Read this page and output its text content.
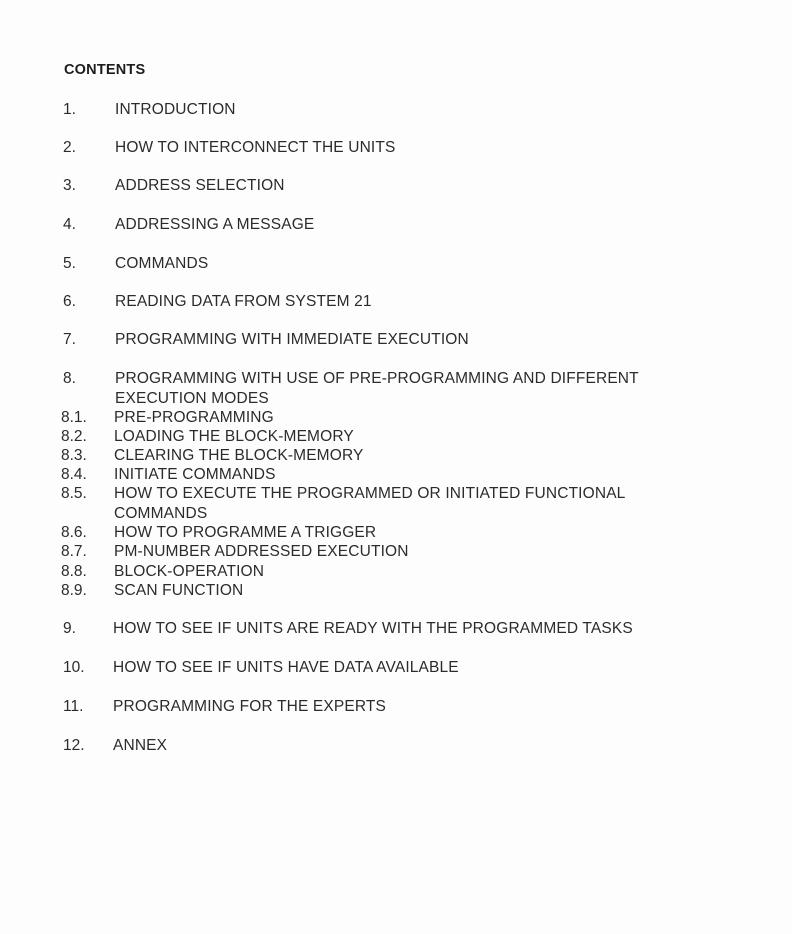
CONTENTS
1.	INTRODUCTION
2.	HOW TO INTERCONNECT THE UNITS
3.	ADDRESS SELECTION
4.	ADDRESSING A MESSAGE
5.	COMMANDS
6.	READING DATA FROM SYSTEM 21
7.	PROGRAMMING WITH IMMEDIATE EXECUTION
8.	PROGRAMMING WITH USE OF PRE-PROGRAMMING AND DIFFERENT
EXECUTION MODES
8.1. PRE-PROGRAMMING
8.2. LOADING THE BLOCK-MEMORY
8.3. CLEARING THE BLOCK-MEMORY
8.4. INITIATE COMMANDS
8.5. HOW TO EXECUTE THE PROGRAMMED OR INITIATED FUNCTIONAL
COMMANDS
8.6. HOW TO PROGRAMME A TRIGGER
8.7. PM-NUMBER ADDRESSED EXECUTION
8.8. BLOCK-OPERATION
8.9. SCAN FUNCTION
9. HOW TO SEE IF UNITS ARE READY WITH THE PROGRAMMED TASKS
10. HOW TO SEE IF UNITS HAVE DATA AVAILABLE
11. PROGRAMMING FOR THE EXPERTS
12. ANNEX
